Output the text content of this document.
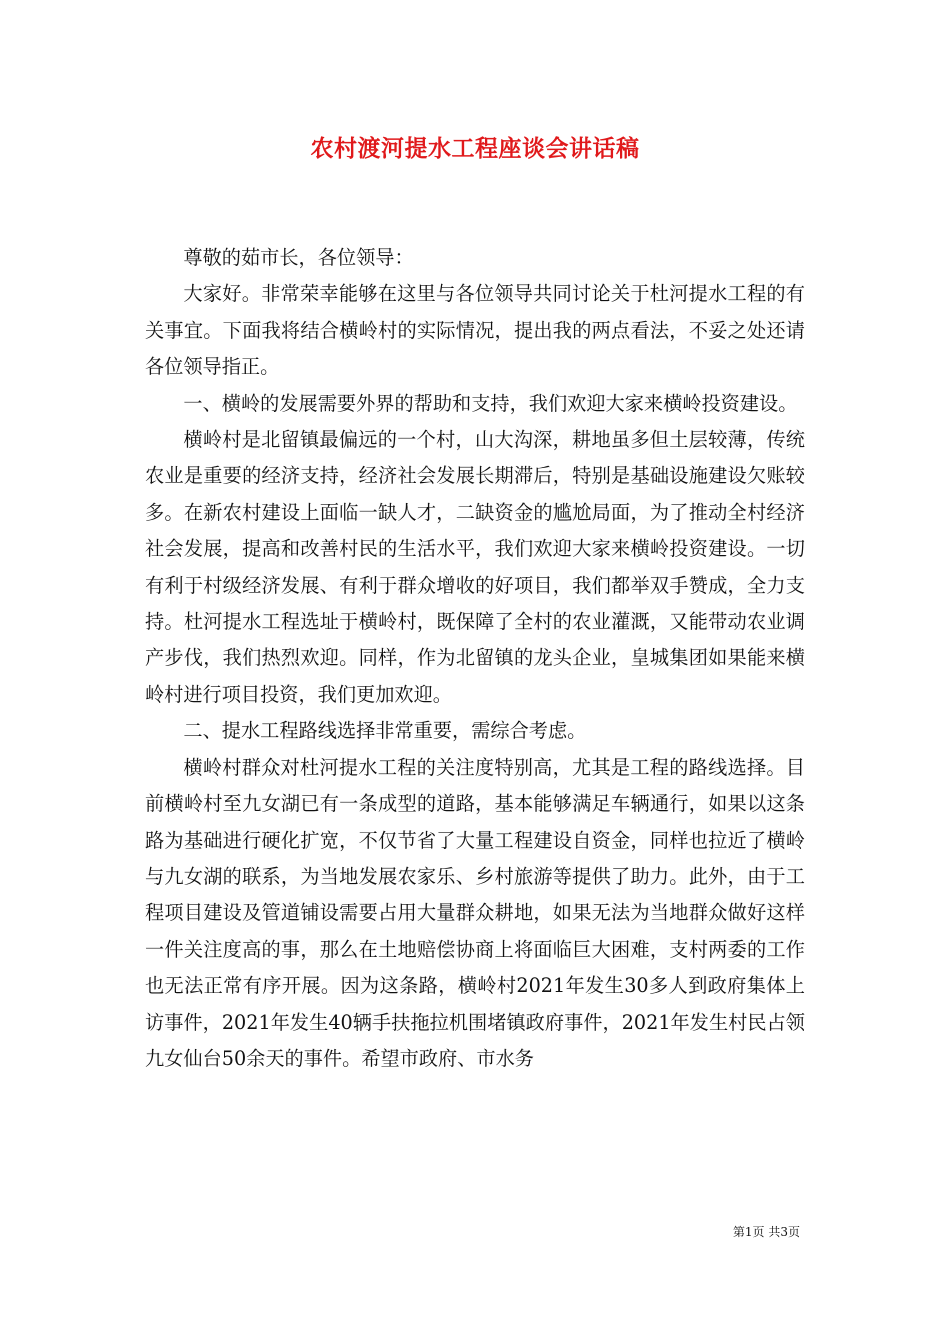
农村渡河提水工程座谈会讲话稿

尊敬的茹市长，各位领导：

大家好。非常荣幸能够在这里与各位领导共同讨论关于杜河提水工程的有关事宜。下面我将结合横岭村的实际情况，提出我的两点看法，不妥之处还请各位领导指正。

一、横岭的发展需要外界的帮助和支持，我们欢迎大家来横岭投资建设。

横岭村是北留镇最偏远的一个村，山大沟深，耕地虽多但土层较薄，传统农业是重要的经济支持，经济社会发展长期滞后，特别是基础设施建设欠账较多。在新农村建设上面临一缺人才，二缺资金的尴尬局面，为了推动全村经济社会发展，提高和改善村民的生活水平，我们欢迎大家来横岭投资建设。一切有利于村级经济发展、有利于群众增收的好项目，我们都举双手赞成，全力支持。杜河提水工程选址于横岭村，既保障了全村的农业灌溉，又能带动农业调产步伐，我们热烈欢迎。同样，作为北留镇的龙头企业，皇城集团如果能来横岭村进行项目投资，我们更加欢迎。

二、提水工程路线选择非常重要，需综合考虑。

横岭村群众对杜河提水工程的关注度特别高，尤其是工程的路线选择。目前横岭村至九女湖已有一条成型的道路，基本能够满足车辆通行，如果以这条路为基础进行硬化扩宽，不仅节省了大量工程建设自资金，同样也拉近了横岭与九女湖的联系，为当地发展农家乐、乡村旅游等提供了助力。此外，由于工程项目建设及管道铺设需要占用大量群众耕地，如果无法为当地群众做好这样一件关注度高的事，那么在土地赔偿协商上将面临巨大困难，支村两委的工作也无法正常有序开展。因为这条路，横岭村2021年发生30多人到政府集体上访事件，2021年发生40辆手扶拖拉机围堵镇政府事件，2021年发生村民占领九女仙台50余天的事件。希望市政府、市水务

第1页 共3页
